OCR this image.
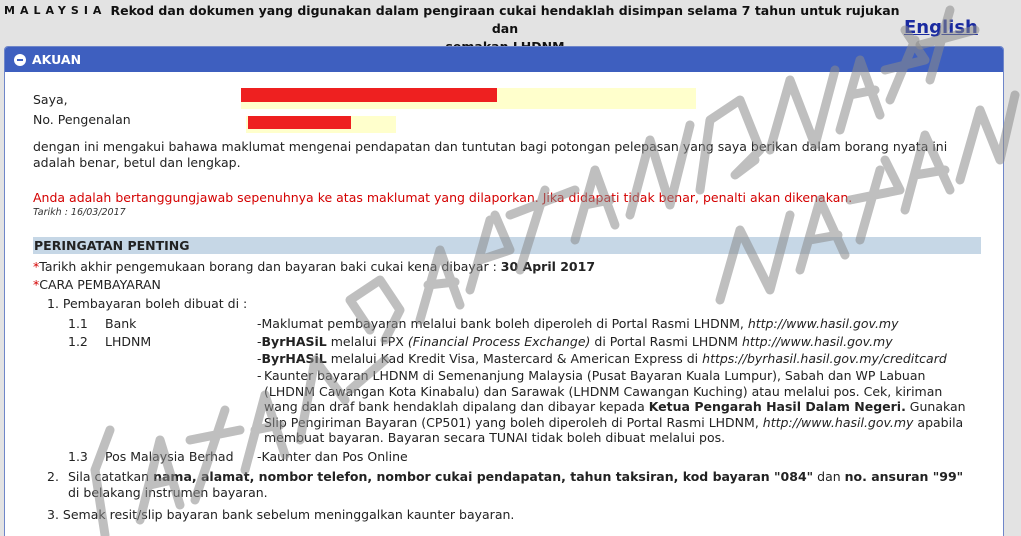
MALAYSIA Rekod dan dokumen yang digunakan dalam pengiraan cukai hendaklah disimpan selama 7 tahun untuk rujukan dan	English
AKUAN
Saya,
No. Pengenalan
dengan ini mengakui bahawa maklumat mengenai pendapatan dan tuntutan bagi potongan pelepasan yang saya berikan dalam borang nyata ini adalah benar, betul dan lengkap.
Anda adalah bertanggungjawab sepenuhnya ke atas maklumat yang dilaporkan. Jika didapati tidak benar, penalti akan dikenakan.
Tarikh : 16/03/2017
PERINGATAN PENTING
*Tarikh akhir pengemukaan borang dan bayaran baki cukai kena dibayar : 30 April 2017
*CARA PEMBAYARAN
1. Pembayaran boleh dibuat di :
1.1 Bank	-Maklumat pembayaran melalui bank boleh diperoleh di Portal Rasmi LHDNM, http://www.hasil.gov.my
1.2 LHDNM	-ByrHASiL melalui FPX (Financial Process Exchange) di Portal Rasmi LHDNM http://www.hasil.gov.my
-ByrHASiL melalui Kad Kredit Visa, Mastercard & American Express di https://byrhasil.hasil.gov.my/creditcard
- Kaunter bayaran LHDNM di Semenanjung Malaysia (Pusat Bayaran Kuala Lumpur), Sabah dan WP Labuan (LHDNM Cawangan Kota Kinabalu) dan Sarawak (LHDNM Cawangan Kuching) atau melalui pos. Cek, kiriman wang dan draf bank hendaklah dipalang dan dibayar kepada Ketua Pengarah Hasil Dalam Negeri. Gunakan Slip Pengiriman Bayaran (CP501) yang boleh diperoleh di Portal Rasmi LHDNM, http://www.hasil.gov.my apabila membuat bayaran. Bayaran secara TUNAI tidak boleh dibuat melalui pos.
1.3 Pos Malaysia Berhad -Kaunter dan Pos Online
2. Sila catatkan nama, alamat, nombor telefon, nombor cukai pendapatan, tahun taksiran, kod bayaran "084" dan no. ansuran "99" di belakang instrumen bayaran.
3. Semak resit/slip bayaran bank sebelum meninggalkan kaunter bayaran.
